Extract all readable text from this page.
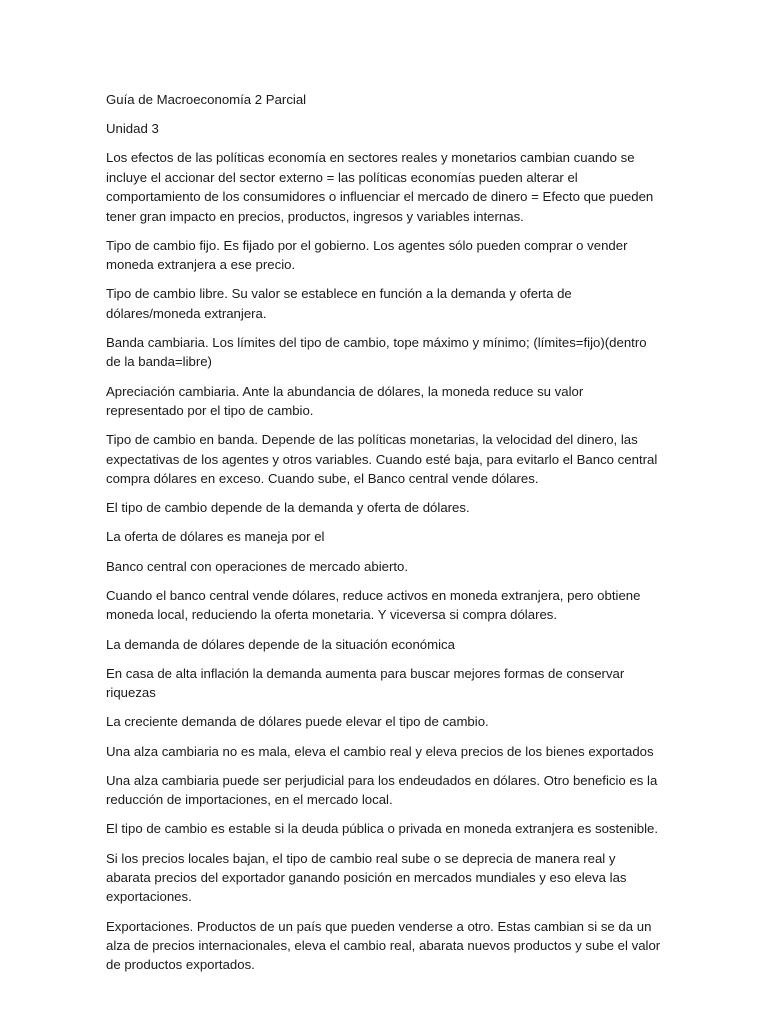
Guía de Macroeconomía 2 Parcial

Unidad 3

Los efectos de las políticas economía en sectores reales y monetarios cambian cuando se incluye el accionar del sector externo = las políticas economías pueden alterar el comportamiento de los consumidores o influenciar el mercado de dinero = Efecto que pueden tener gran impacto en precios, productos, ingresos y variables internas.

Tipo de cambio fijo. Es fijado por el gobierno. Los agentes sólo pueden comprar o vender moneda extranjera a ese precio.

Tipo de cambio libre. Su valor se establece en función a la demanda y oferta de dólares/moneda extranjera.

Banda cambiaria. Los límites del tipo de cambio, tope máximo y mínimo; (límites=fijo)(dentro de la banda=libre)

Apreciación cambiaria. Ante la abundancia de dólares, la moneda reduce su valor representado por el tipo de cambio.

Tipo de cambio en banda. Depende de las políticas monetarias, la velocidad del dinero, las expectativas de los agentes y otros variables. Cuando esté baja, para evitarlo el Banco central compra dólares en exceso. Cuando sube, el Banco central vende dólares.

El tipo de cambio depende de la demanda y oferta de dólares.

La oferta de dólares es maneja por el

Banco central con operaciones de mercado abierto.

Cuando el banco central vende dólares, reduce activos en moneda extranjera, pero obtiene moneda local, reduciendo la oferta monetaria. Y viceversa si compra dólares.

La demanda de dólares depende de la situación económica

En casa de alta inflación la demanda aumenta para buscar mejores formas de conservar riquezas

La creciente demanda de dólares puede elevar el tipo de cambio.

Una alza cambiaria no es mala, eleva el cambio real y eleva precios de los bienes exportados

Una alza cambiaria puede ser perjudicial para los endeudados en dólares. Otro beneficio es la reducción de importaciones, en el mercado local.

El tipo de cambio es estable si la deuda pública o privada en moneda extranjera es sostenible.

Si los precios locales bajan, el tipo de cambio real sube o se deprecia de manera real y abarata precios del exportador ganando posición en mercados mundiales y eso eleva las exportaciones.

Exportaciones. Productos de un país que pueden venderse a otro. Estas cambian si se da un alza de precios internacionales, eleva el cambio real, abarata nuevos productos y sube el valor de productos exportados.
